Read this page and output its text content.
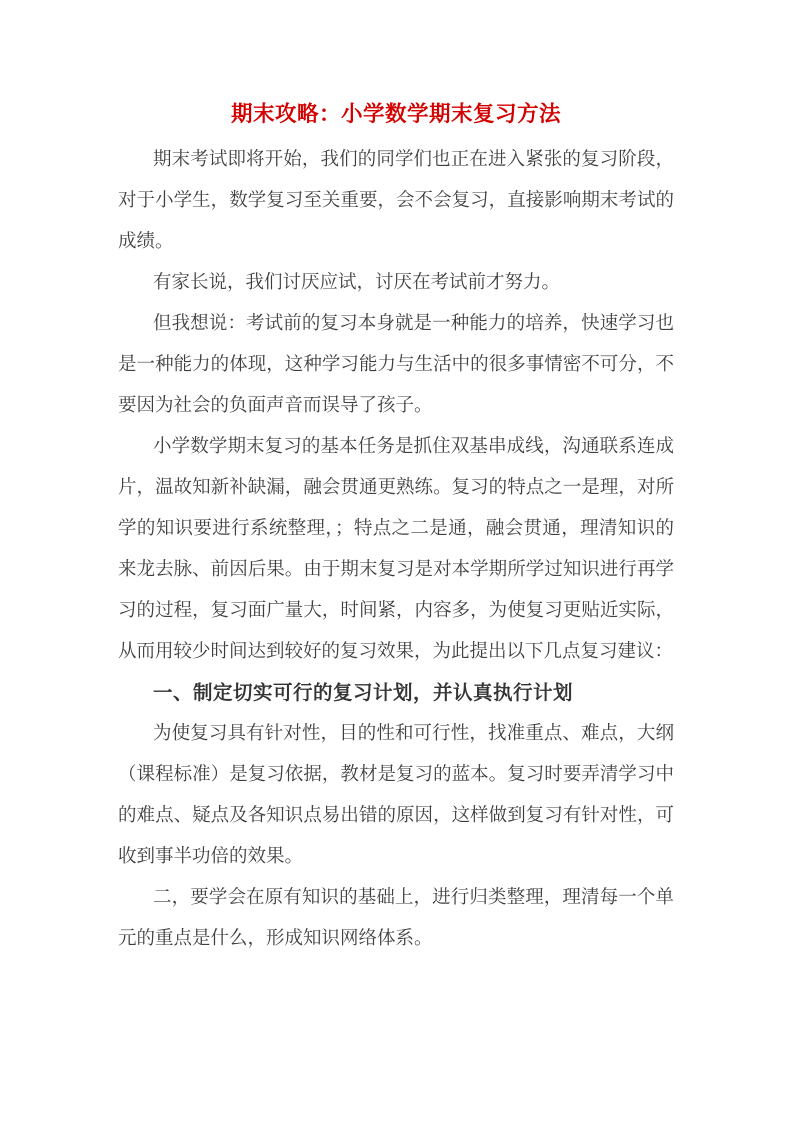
期末攻略：小学数学期末复习方法

期末考试即将开始，我们的同学们也正在进入紧张的复习阶段，对于小学生，数学复习至关重要，会不会复习，直接影响期末考试的成绩。

有家长说，我们讨厌应试，讨厌在考试前才努力。

但我想说：考试前的复习本身就是一种能力的培养，快速学习也是一种能力的体现，这种学习能力与生活中的很多事情密不可分，不要因为社会的负面声音而误导了孩子。

小学数学期末复习的基本任务是抓住双基串成线，沟通联系连成片，温故知新补缺漏，融会贯通更熟练。复习的特点之一是理，对所学的知识要进行系统整理，；特点之二是通，融会贯通，理清知识的来龙去脉、前因后果。由于期末复习是对本学期所学过知识进行再学习的过程，复习面广量大，时间紧，内容多，为使复习更贴近实际，从而用较少时间达到较好的复习效果，为此提出以下几点复习建议：

一、制定切实可行的复习计划，并认真执行计划

为使复习具有针对性，目的性和可行性，找准重点、难点，大纲（课程标准）是复习依据，教材是复习的蓝本。复习时要弄清学习中的难点、疑点及各知识点易出错的原因，这样做到复习有针对性，可收到事半功倍的效果。

二，要学会在原有知识的基础上，进行归类整理，理清每一个单元的重点是什么，形成知识网络体系。
